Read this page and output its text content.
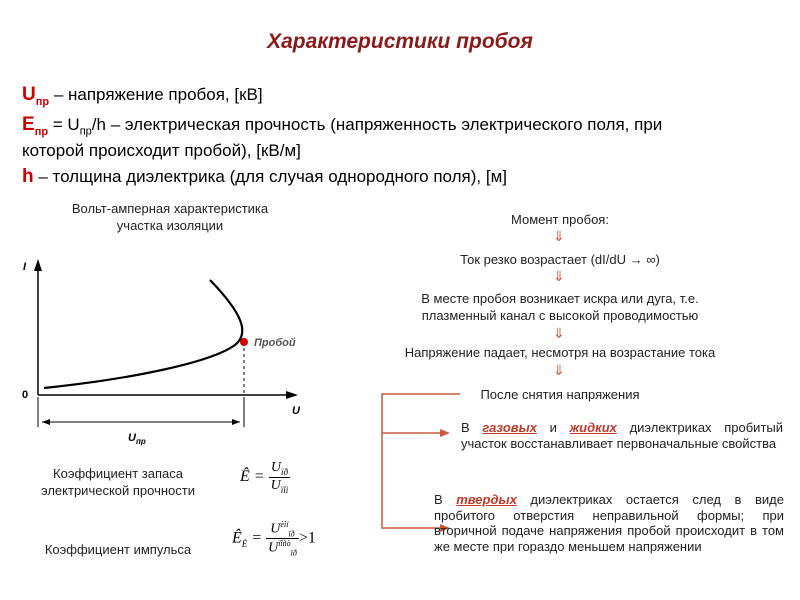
Характеристики пробоя
$U_{пр}$ – напряжение пробоя, [кВ]
$E_{пр} = U_{пр}/h$ – электрическая прочность (напряженность электрического поля, при
которой происходит пробой), [кВ/м]
h – толщина диэлектрика (для случая однородного поля), [м]
Вольт-амперная характеристика
участка изоляции
I
U
0
Пробой
$U_{пр}$
Момент пробоя:
⇓
Ток резко возрастает (dI/dU → ∞)
⇓
В месте пробоя возникает искра или дуга, т.е.
плазменный канал с высокой проводимостью
⇓
Напряжение падает, несмотря на возрастание тока
⇓
После снятия напряжения
В газовых и жидких диэлектриках пробитый участок восстанавливает первоначальные свойства
В твердых диэлектриках остается след в виде пробитого отверстия неправильной формы; при вторичной подаче напряжения пробой происходит в том же месте при гораздо меньшем напряжении
Коэффициент запаса
электрической прочности
Ê = $\frac{U_{ïð}}{U_{ïîì}}$
Коэффициент импульса
$Ê_È = \frac{U^{èìï}_{ïð}}{U^{ïîñò}_{ïð}} >1$
